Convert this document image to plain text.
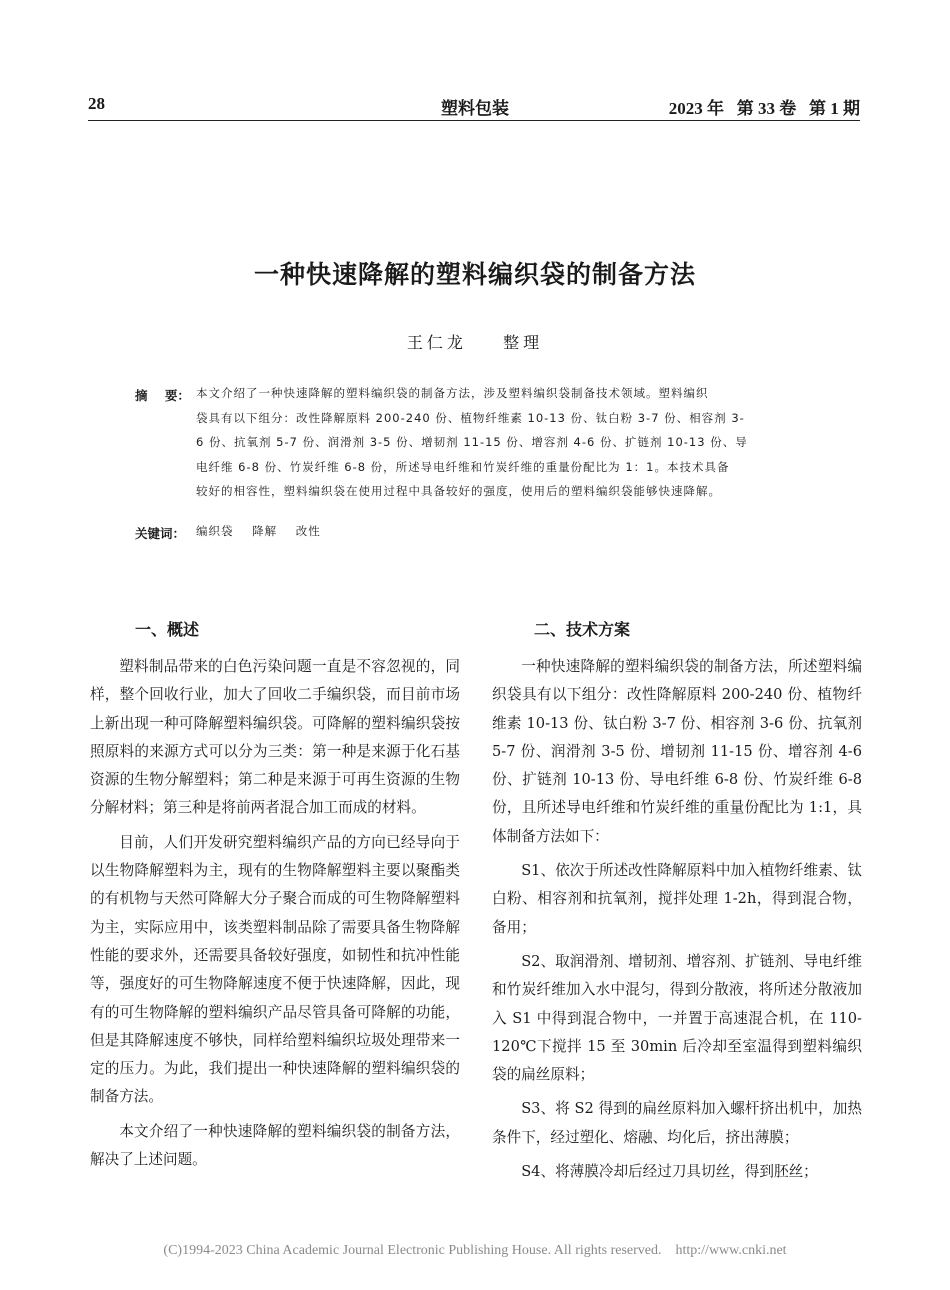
28	塑料包装	2023 年   第 33 卷   第 1 期
一种快速降解的塑料编织袋的制备方法
王仁龙    整理
摘    要： 本文介绍了一种快速降解的塑料编织袋的制备方法，涉及塑料编织袋制备技术领域。塑料编织
袋具有以下组分：改性降解原料 200-240 份、植物纤维素 10-13 份、钛白粉 3-7 份、相容剂 3-
6 份、抗氧剂 5-7 份、润滑剂 3-5 份、增韧剂 11-15 份、增容剂 4-6 份、扩链剂 10-13 份、导
电纤维 6-8 份、竹炭纤维 6-8 份，所述导电纤维和竹炭纤维的重量份配比为 1：1。本技术具备
较好的相容性，塑料编织袋在使用过程中具备较好的强度，使用后的塑料编织袋能够快速降解。
关键词： 编织袋    降解    改性
一、概述	二、技术方案

塑料制品带来的白色污染问题一直是不容忽视的，同样，整个回收行业，加大了回收二手编织袋，而目前市场上新出现一种可降解塑料编织袋。可降解的塑料编织袋按照原料的来源方式可以分为三类：第一种是来源于化石基资源的生物分解塑料；第二种是来源于可再生资源的生物分解材料；第三种是将前两者混合加工而成的材料。

目前，人们开发研究塑料编织产品的方向已经导向于以生物降解塑料为主，现有的生物降解塑料主要以聚酯类的有机物与天然可降解大分子聚合而成的可生物降解塑料为主，实际应用中，该类塑料制品除了需要具备生物降解性能的要求外，还需要具备较好强度，如韧性和抗冲性能等，强度好的可生物降解速度不便于快速降解，因此，现有的可生物降解的塑料编织产品尽管具备可降解的功能，但是其降解速度不够快，同样给塑料编织垃圾处理带来一定的压力。为此，我们提出一种快速降解的塑料编织袋的制备方法。

本文介绍了一种快速降解的塑料编织袋的制备方法，解决了上述问题。

一种快速降解的塑料编织袋的制备方法，所述塑料编织袋具有以下组分：改性降解原料 200-240 份、植物纤维素 10-13 份、钛白粉 3-7 份、相容剂 3-6 份、抗氧剂 5-7 份、润滑剂 3-5 份、增韧剂 11-15 份、增容剂 4-6 份、扩链剂 10-13 份、导电纤维 6-8 份、竹炭纤维 6-8 份，且所述导电纤维和竹炭纤维的重量份配比为 1:1，具体制备方法如下：

S1、依次于所述改性降解原料中加入植物纤维素、钛白粉、相容剂和抗氧剂，搅拌处理 1-2h，得到混合物，备用；

S2、取润滑剂、增韧剂、增容剂、扩链剂、导电纤维和竹炭纤维加入水中混匀，得到分散液，将所述分散液加入 S1 中得到混合物中，一并置于高速混合机，在 110-120℃下搅拌 15 至 30min 后冷却至室温得到塑料编织袋的扁丝原料；

S3、将 S2 得到的扁丝原料加入螺杆挤出机中，加热条件下，经过塑化、熔融、均化后，挤出薄膜；

S4、将薄膜冷却后经过刀具切丝，得到胚丝；

(C)1994-2023 China Academic Journal Electronic Publishing House. All rights reserved.    http://www.cnki.net
